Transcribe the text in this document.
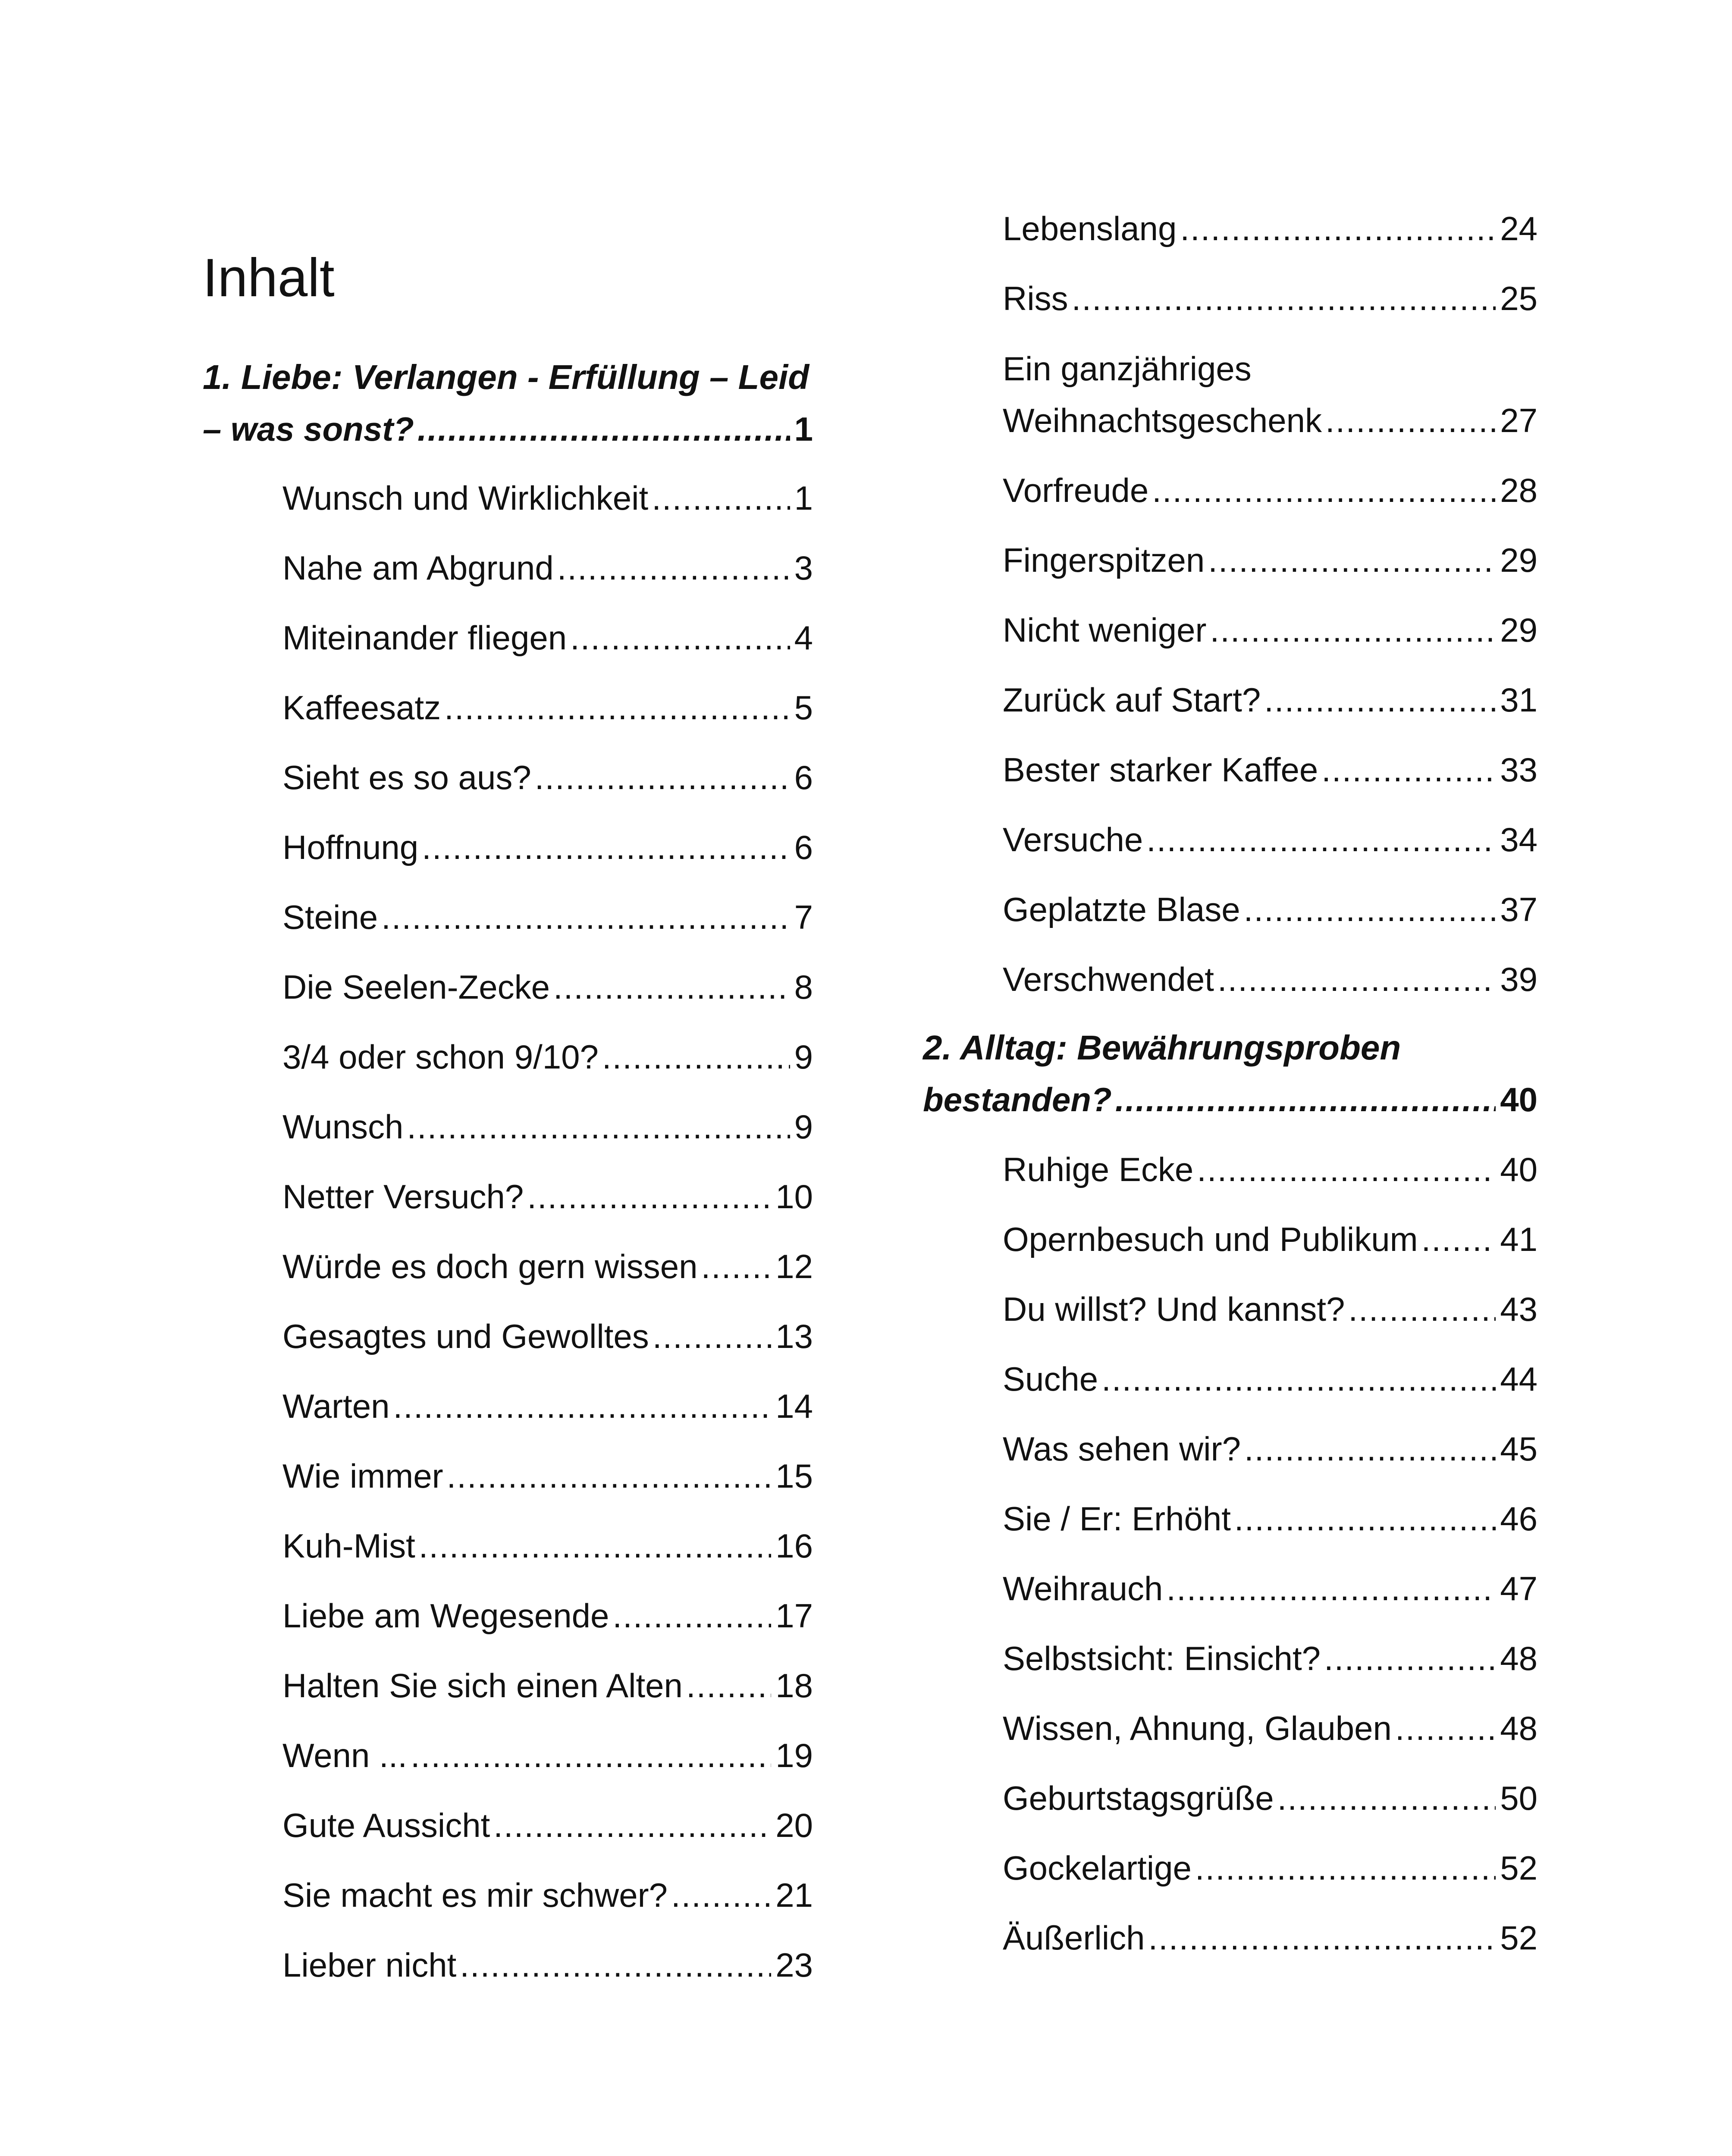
Inhalt
1. Liebe: Verlangen - Erfüllung – Leid
– was sonst? .....	1
Wunsch und Wirklichkeit .....	1
Nahe am Abgrund .....	3
Miteinander fliegen .....	4
Kaffeesatz .....	5
Sieht es so aus? .....	6
Hoffnung .....	6
Steine .....	7
Die Seelen-Zecke .....	8
3/4 oder schon 9/10? .....	9
Wunsch .....	9
Netter Versuch? .....	10
Würde es doch gern wissen ..... 12
Gesagtes und Gewolltes .....	13
Warten .....	14
Wie immer .....	15
Kuh-Mist .....	16
Liebe am Wegesende .....	17
Halten Sie sich einen Alten .....	18
Wenn ... .....	19
Gute Aussicht .....	20
Sie macht es mir schwer? .....	21
Lieber nicht .....	23
Lebenslang .....	24
Riss .....	25
Ein ganzjähriges
Weihnachtsgeschenk .....	27
Vorfreude .....	28
Fingerspitzen .....	29
Nicht weniger .....	29
Zurück auf Start? .....	31
Bester starker Kaffee .....	33
Versuche .....	34
Geplatzte Blase .....	37
Verschwendet .....	39
2. Alltag: Bewährungsproben
bestanden? .....	40
Ruhige Ecke .....	40
Opernbesuch und Publikum ..... 41
Du willst? Und kannst? .....	43
Suche .....	44
Was sehen wir? .....	45
Sie / Er: Erhöht .....	46
Weihrauch .....	47
Selbstsicht: Einsicht? .....	48
Wissen, Ahnung, Glauben .....	48
Geburtstagsgrüße .....	50
Gockelartige .....	52
Äußerlich .....	52
